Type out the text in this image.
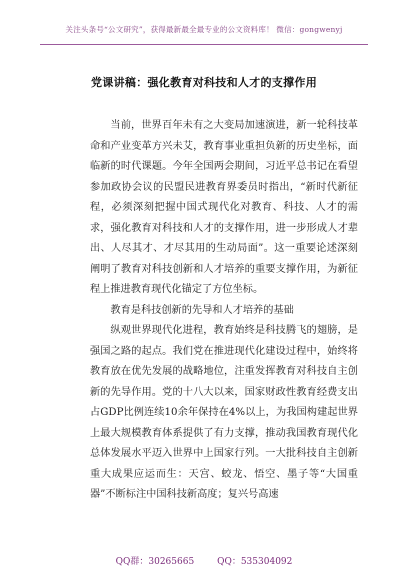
关注头条号“公文研究”，获得最新最全最专业的公文资料库！ 微信：gongwenyj
党课讲稿：强化教育对科技和人才的支撑作用

当前，世界百年未有之大变局加速演进，新一轮科技革命和产业变革方兴未艾，教育事业重担负新的历史坐标，面临新的时代课题。今年全国两会期间，习近平总书记在看望参加政协会议的民盟民进教育界委员时指出，“新时代新征程，必须深刻把握中国式现代化对教育、科技、人才的需求，强化教育对科技和人才的支撑作用，进一步形成人才辈出、人尽其才、才尽其用的生动局面”。这一重要论述深刻阐明了教育对科技创新和人才培养的重要支撑作用，为新征程上推进教育现代化锚定了方位坐标。

教育是科技创新的先导和人才培养的基础

纵观世界现代化进程，教育始终是科技腾飞的翅膀，是强国之路的起点。我们党在推进现代化建设过程中，始终将教育放在优先发展的战略地位，注重发挥教育对科技自主创新的先导作用。党的十八大以来，国家财政性教育经费支出占GDP比例连续10余年保持在4%以上，为我国构建起世界上最大规模教育体系提供了有力支撑，推动我国教育现代化总体发展水平迈入世界中上国家行列。一大批科技自主创新重大成果应运而生：天宫、蛟龙、悟空、墨子等“大国重器”不断标注中国科技新高度；复兴号高速

QQ群：30265665	QQ：535304092
